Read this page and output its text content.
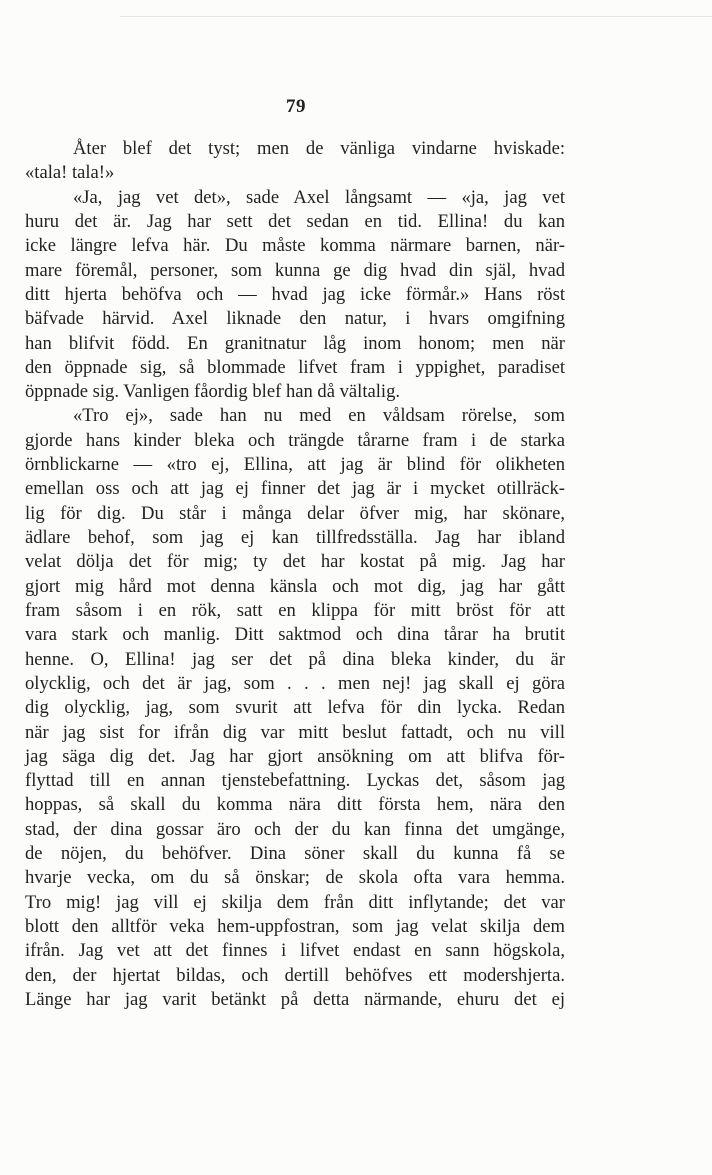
79
Åter blef det tyst; men de vänliga vindarne hviskade:
«tala! tala!»
«Ja, jag vet det», sade Axel långsamt — «ja, jag vet
huru det är. Jag har sett det sedan en tid. Ellina! du kan
icke längre lefva här. Du måste komma närmare barnen, när-
mare föremål, personer, som kunna ge dig hvad din själ, hvad
ditt hjerta behöfva och — hvad jag icke förmår.» Hans röst
bäfvade härvid. Axel liknade den natur, i hvars omgifning
han blifvit född. En granitnatur låg inom honom; men när
den öppnade sig, så blommade lifvet fram i yppighet, paradiset
öppnade sig. Vanligen fåordig blef han då vältalig.
«Tro ej», sade han nu med en våldsam rörelse, som
gjorde hans kinder bleka och trängde tårarne fram i de starka
örnblickarne — «tro ej, Ellina, att jag är blind för olikheten
emellan oss och att jag ej finner det jag är i mycket otillräck-
lig för dig. Du står i många delar öfver mig, har skönare,
ädlare behof, som jag ej kan tillfredsställa. Jag har ibland
velat dölja det för mig; ty det har kostat på mig. Jag har
gjort mig hård mot denna känsla och mot dig, jag har gått
fram såsom i en rök, satt en klippa för mitt bröst för att
vara stark och manlig. Ditt saktmod och dina tårar ha brutit
henne. O, Ellina! jag ser det på dina bleka kinder, du är
olycklig, och det är jag, som . . . men nej! jag skall ej göra
dig olycklig, jag, som svurit att lefva för din lycka. Redan
när jag sist for ifrån dig var mitt beslut fattadt, och nu vill
jag säga dig det. Jag har gjort ansökning om att blifva för-
flyttad till en annan tjenstebefattning. Lyckas det, såsom jag
hoppas, så skall du komma nära ditt första hem, nära den
stad, der dina gossar äro och der du kan finna det umgänge,
de nöjen, du behöfver. Dina söner skall du kunna få se
hvarje vecka, om du så önskar; de skola ofta vara hemma.
Tro mig! jag vill ej skilja dem från ditt inflytande; det var
blott den alltför veka hem-uppfostran, som jag velat skilja dem
ifrån. Jag vet att det finnes i lifvet endast en sann högskola,
den, der hjertat bildas, och dertill behöfves ett modershjerta.
Länge har jag varit betänkt på detta närmande, ehuru det ej
